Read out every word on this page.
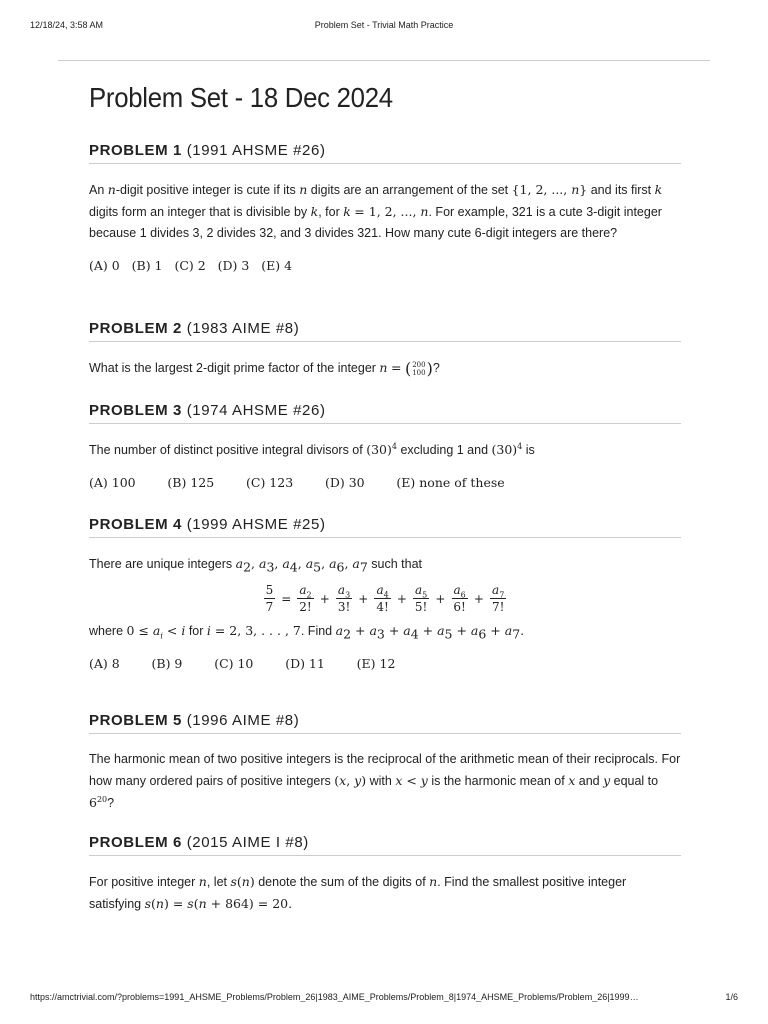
12/18/24, 3:58 AM	Problem Set - Trivial Math Practice
Problem Set - 18 Dec 2024
PROBLEM 1 (1991 AHSME #26)

An n-digit positive integer is cute if its n digits are an arrangement of the set {1, 2, ..., n} and its first k digits form an integer that is divisible by k, for k = 1, 2, ..., n. For example, 321 is a cute 3-digit integer because 1 divides 3, 2 divides 32, and 3 divides 321. How many cute 6-digit integers are there?

(A) 0 (B) 1 (C) 2 (D) 3 (E) 4

PROBLEM 2 (1983 AIME #8)

What is the largest 2-digit prime factor of the integer n = ( 200
100 ) ?

PROBLEM 3 (1974 AHSME #26)

The number of distinct positive integral divisors of $(30)^4$ excluding 1 and $(30)^4$ is

(A) 100	(B) 125	(C) 123	(D) 30	(E) none of these

PROBLEM 4 (1999 AHSME #25)

There are unique integers $a_2$, $a_3$, $a_4$, $a_5$, $a_6$, $a_7$ such that

$\frac{5}{7} = \frac{a_2}{2!} + \frac{a_3}{3!} + \frac{a_4}{4!} + \frac{a_5}{5!} + \frac{a_6}{6!} + \frac{a_7}{7!}$

where $0 \le a_i < i$ for i = 2, 3, . . . , 7. Find $a_2 + a_3 + a_4 + a_5 + a_6 + a_7$.

(A) 8	(B) 9	(C) 10	(D) 11	(E) 12

PROBLEM 5 (1996 AIME #8)

The harmonic mean of two positive integers is the reciprocal of the arithmetic mean of their reciprocals. For how many ordered pairs of positive integers (x, y) with x < y is the harmonic mean of x and y equal to $6^{20}$?

PROBLEM 6 (2015 AIME I #8)

For positive integer n, let s(n) denote the sum of the digits of n. Find the smallest positive integer satisfying s(n) = s(n + 864) = 20.

https://amctrivial.com/?problems=1991_AHSME_Problems/Problem_26|1983_AIME_Problems/Problem_8|1974_AHSME_Problems/Problem_26|1999…	1/6
